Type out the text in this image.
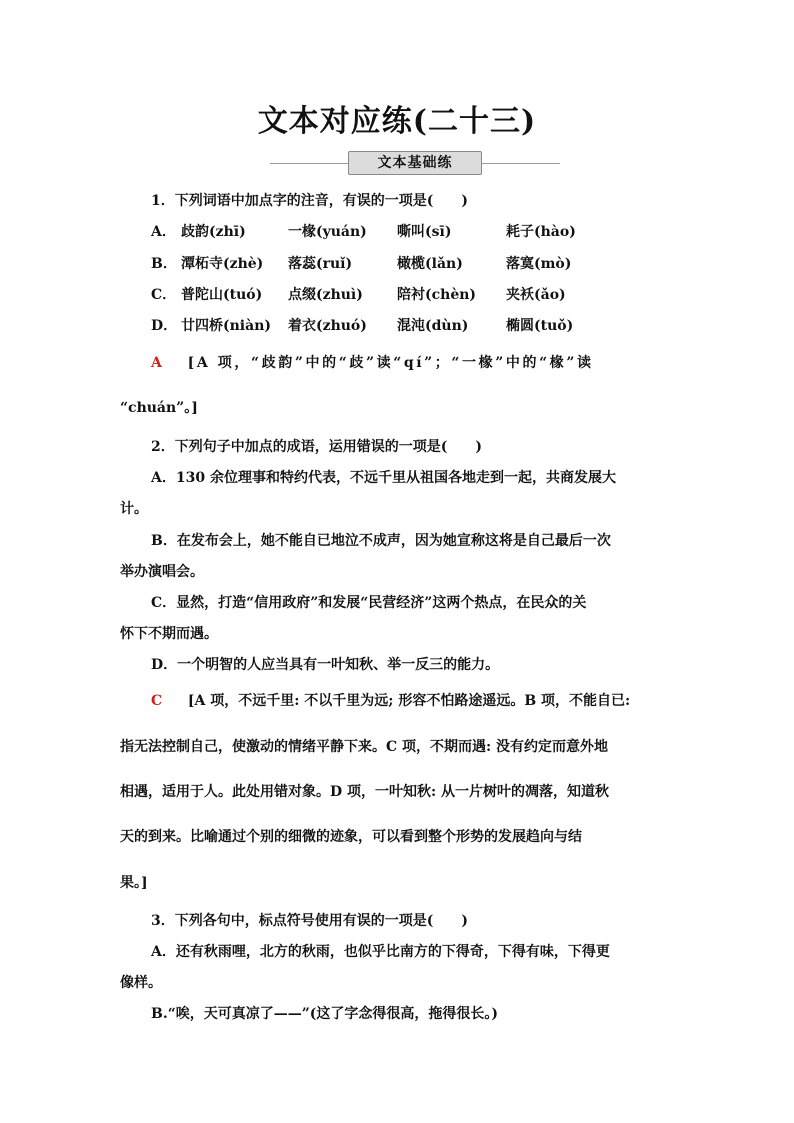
文本对应练(二十三)
文本基础练
1．下列词语中加点字的注音，有误的一项是(　　)
A． 歧韵(zhī)	一椽(yuán) 嘶叫(sī)	耗子(hào)
B． 潭柘寺(zhè) 落蕊(ruǐ)	橄榄(lǎn)	落寞(mò)
C． 普陀山(tuó) 点缀(zhuì) 陪衬(chèn) 夹袄(ǎo)
D． 廿四桥(niàn) 着衣(zhuó) 混沌(dùn)	椭圆(tuǒ)
A [A 项，“歧韵”中的“歧”读“qí”；“一椽”中的“椽”读
“chuán”。]
2．下列句子中加点的成语，运用错误的一项是(　　)
A．130 余位理事和特约代表，不远千里从祖国各地走到一起，共商发展大
计。
B．在发布会上，她不能自已地泣不成声，因为她宣称这将是自己最后一次
举办演唱会。
C．显然，打造“信用政府”和发展“民营经济”这两个热点，在民众的关
怀下不期而遇。
D．一个明智的人应当具有一叶知秋、举一反三的能力。
C [A 项，不远千里: 不以千里为远; 形容不怕路途遥远。B 项，不能自已:
指无法控制自己，使激动的情绪平静下来。C 项，不期而遇: 没有约定而意外地
相遇，适用于人。此处用错对象。D 项，一叶知秋: 从一片树叶的凋落，知道秋
天的到来。比喻通过个别的细微的迹象，可以看到整个形势的发展趋向与结
果。]
3．下列各句中，标点符号使用有误的一项是(　　)
A．还有秋雨哩，北方的秋雨，也似乎比南方的下得奇，下得有味，下得更
像样。
B.“唉，天可真凉了——”(这了字念得很高，拖得很长。)
